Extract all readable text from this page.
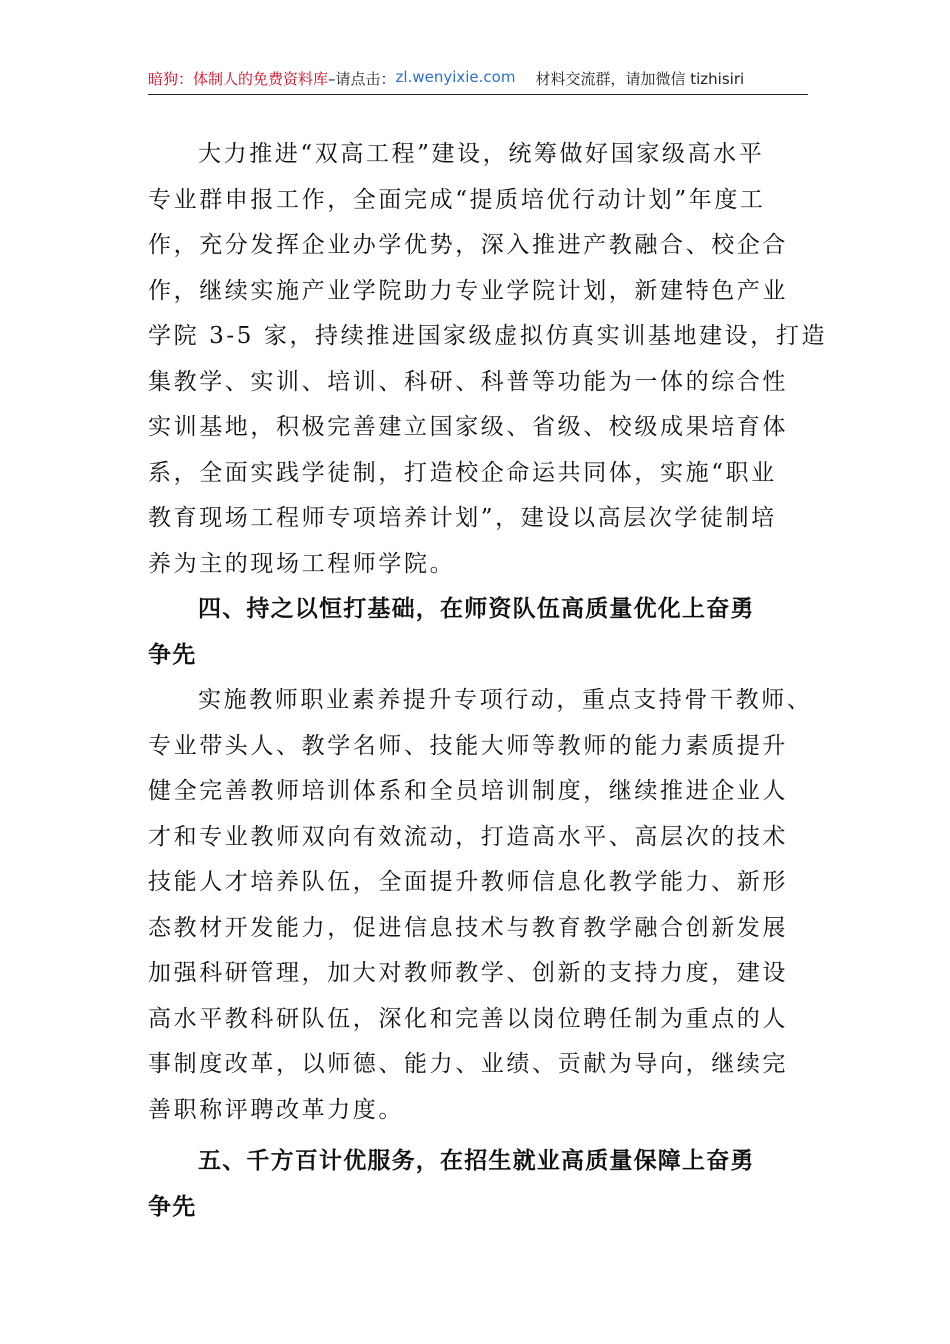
暗狗：体制人的免费资料库 –请点击： zl.wenyixie.com 材料交流群，请加微信 tizhisiri
大力推进“双高工程”建设，统筹做好国家级高水平
专业群申报工作，全面完成“提质培优行动计划”年度工
作，充分发挥企业办学优势，深入推进产教融合、校企合
作，继续实施产业学院助力专业学院计划，新建特色产业
学院 3-5 家，持续推进国家级虚拟仿真实训基地建设，打造
集教学、实训、培训、科研、科普等功能为一体的综合性
实训基地，积极完善建立国家级、省级、校级成果培育体
系，全面实践学徒制，打造校企命运共同体，实施“职业
教育现场工程师专项培养计划”，建设以高层次学徒制培
养为主的现场工程师学院。
四、持之以恒打基础，在师资队伍高质量优化上奋勇
争先
实施教师职业素养提升专项行动，重点支持骨干教师、
专业带头人、教学名师、技能大师等教师的能力素质提升
健全完善教师培训体系和全员培训制度，继续推进企业人
才和专业教师双向有效流动，打造高水平、高层次的技术
技能人才培养队伍，全面提升教师信息化教学能力、新形
态教材开发能力，促进信息技术与教育教学融合创新发展
加强科研管理，加大对教师教学、创新的支持力度，建设
高水平教科研队伍，深化和完善以岗位聘任制为重点的人
事制度改革，以师德、能力、业绩、贡献为导向，继续完
善职称评聘改革力度。
五、千方百计优服务，在招生就业高质量保障上奋勇
争先
